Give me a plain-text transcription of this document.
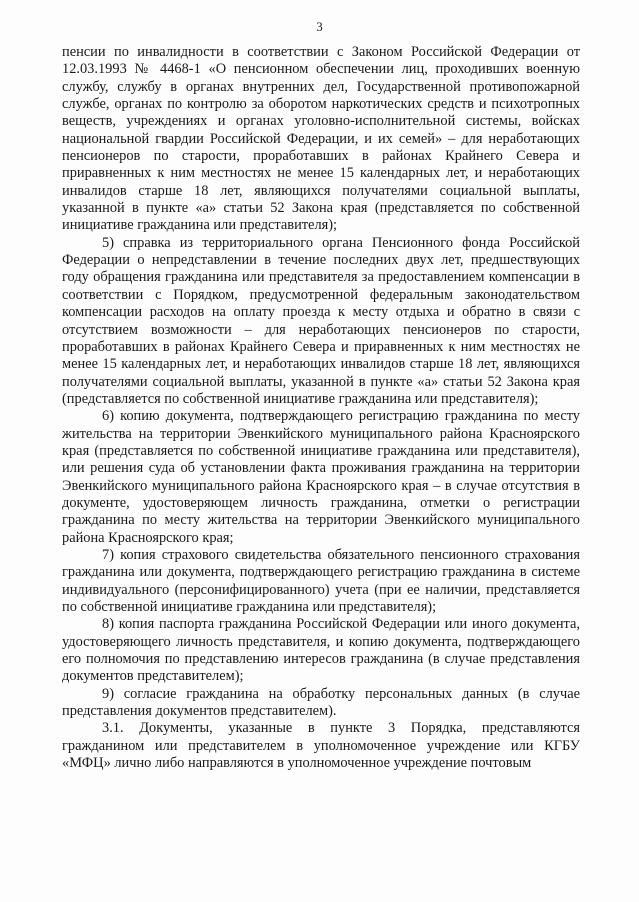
3

пенсии по инвалидности в соответствии с Законом Российской Федерации от 12.03.1993 № 4468-1 «О пенсионном обеспечении лиц, проходивших военную службу, службу в органах внутренних дел, Государственной противопожарной службе, органах по контролю за оборотом наркотических средств и психотропных веществ, учреждениях и органах уголовно-исполнительной системы, войсках национальной гвардии Российской Федерации, и их семей» – для неработающих пенсионеров по старости, проработавших в районах Крайнего Севера и приравненных к ним местностях не менее 15 календарных лет, и неработающих инвалидов старше 18 лет, являющихся получателями социальной выплаты, указанной в пункте «а» статьи 52 Закона края (представляется по собственной инициативе гражданина или представителя);

5) справка из территориального органа Пенсионного фонда Российской Федерации о непредставлении в течение последних двух лет, предшествующих году обращения гражданина или представителя за предоставлением компенсации в соответствии с Порядком, предусмотренной федеральным законодательством компенсации расходов на оплату проезда к месту отдыха и обратно в связи с отсутствием возможности – для неработающих пенсионеров по старости, проработавших в районах Крайнего Севера и приравненных к ним местностях не менее 15 календарных лет, и неработающих инвалидов старше 18 лет, являющихся получателями социальной выплаты, указанной в пункте «а» статьи 52 Закона края (представляется по собственной инициативе гражданина или представителя);

6) копию документа, подтверждающего регистрацию гражданина по месту жительства на территории Эвенкийского муниципального района Красноярского края (представляется по собственной инициативе гражданина или представителя), или решения суда об установлении факта проживания гражданина на территории Эвенкийского муниципального района Красноярского края – в случае отсутствия в документе, удостоверяющем личность гражданина, отметки о регистрации гражданина по месту жительства на территории Эвенкийского муниципального района Красноярского края;

7) копия страхового свидетельства обязательного пенсионного страхования гражданина или документа, подтверждающего регистрацию гражданина в системе индивидуального (персонифицированного) учета (при ее наличии, представляется по собственной инициативе гражданина или представителя);

8) копия паспорта гражданина Российской Федерации или иного документа, удостоверяющего личность представителя, и копию документа, подтверждающего его полномочия по представлению интересов гражданина (в случае представления документов представителем);

9) согласие гражданина на обработку персональных данных (в случае представления документов представителем).

3.1. Документы, указанные в пункте 3 Порядка, представляются гражданином или представителем в уполномоченное учреждение или КГБУ «МФЦ» лично либо направляются в уполномоченное учреждение почтовым
